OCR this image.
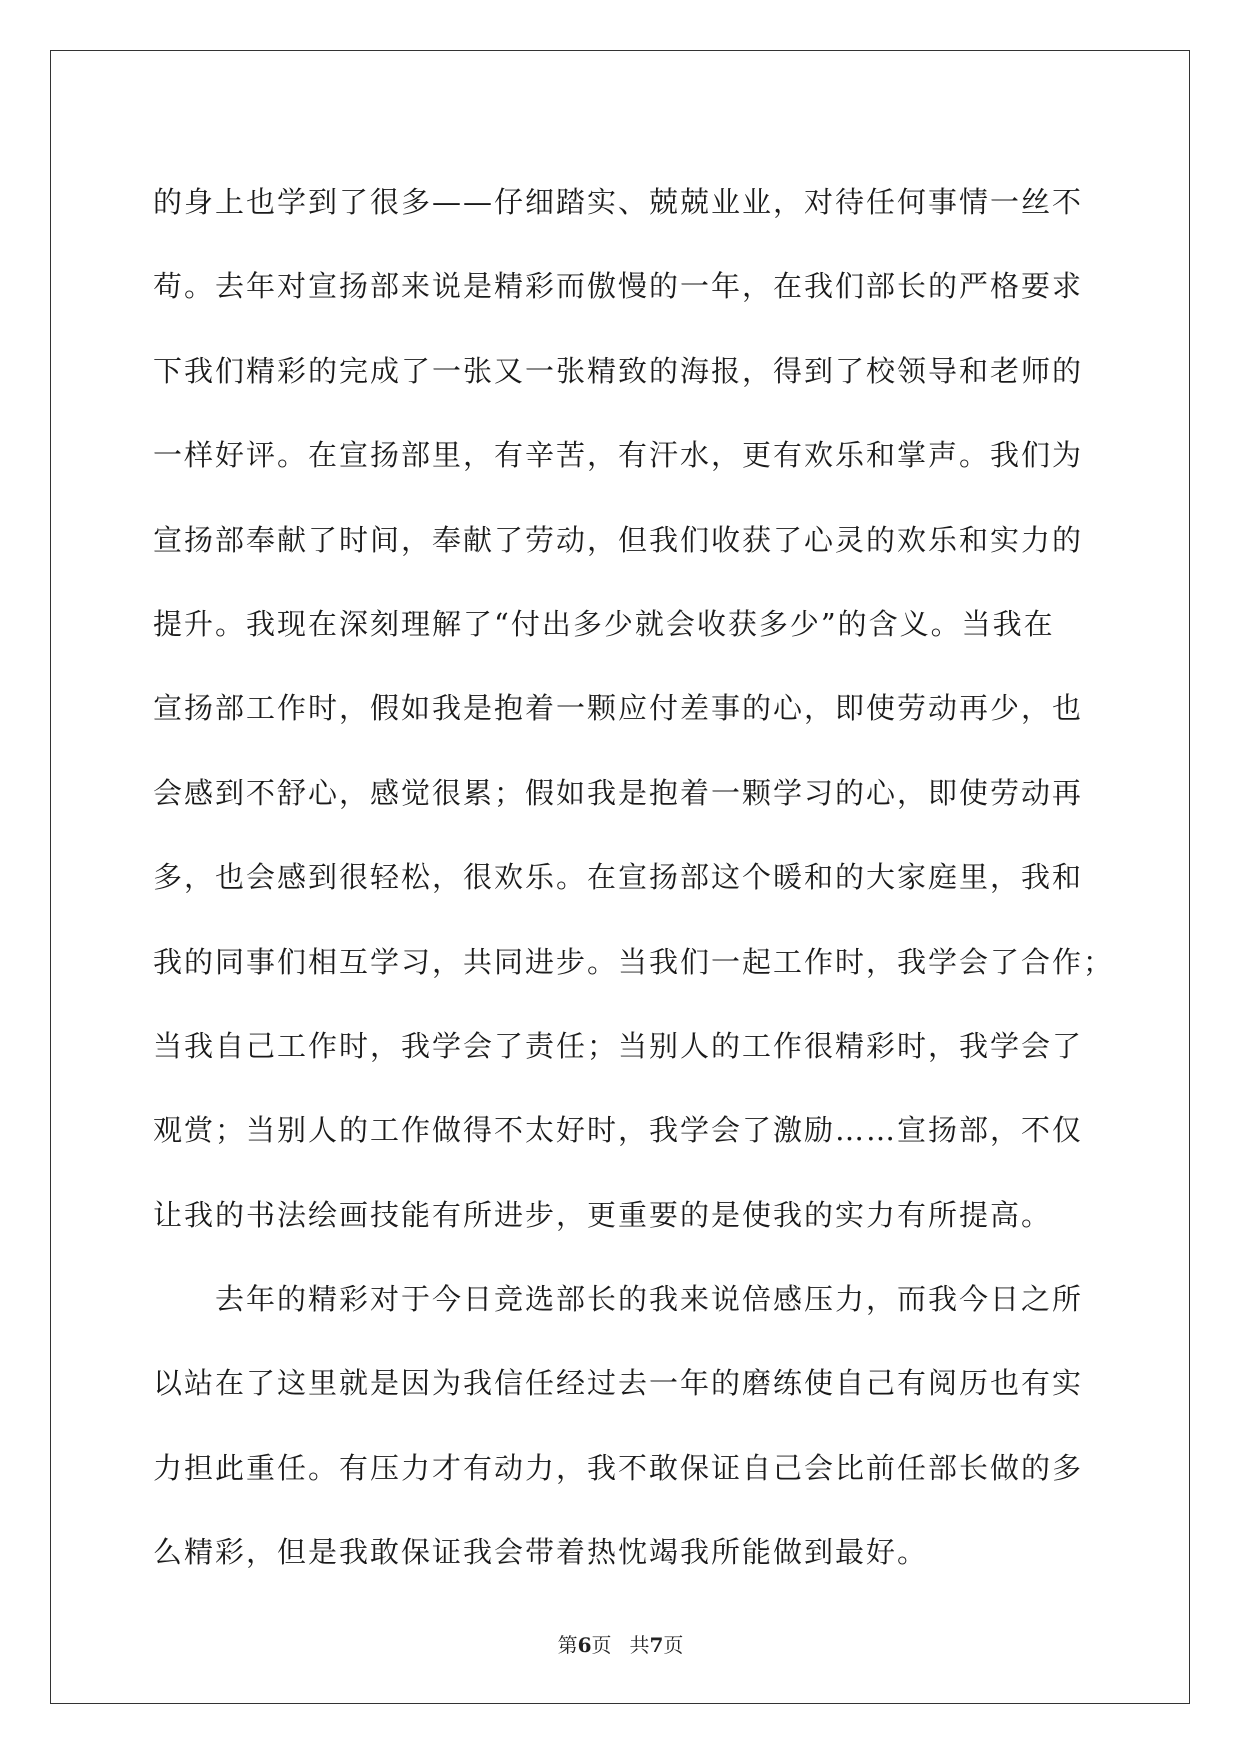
的身上也学到了很多——仔细踏实、兢兢业业，对待任何事情一丝不
苟。去年对宣扬部来说是精彩而傲慢的一年，在我们部长的严格要求
下我们精彩的完成了一张又一张精致的海报，得到了校领导和老师的
一样好评。在宣扬部里，有辛苦，有汗水，更有欢乐和掌声。我们为
宣扬部奉献了时间，奉献了劳动，但我们收获了心灵的欢乐和实力的
提升。我现在深刻理解了“付出多少就会收获多少”的含义。当我在
宣扬部工作时，假如我是抱着一颗应付差事的心，即使劳动再少，也
会感到不舒心，感觉很累；假如我是抱着一颗学习的心，即使劳动再
多，也会感到很轻松，很欢乐。在宣扬部这个暖和的大家庭里，我和
我的同事们相互学习，共同进步。当我们一起工作时，我学会了合作；
当我自己工作时，我学会了责任；当别人的工作很精彩时，我学会了
观赏；当别人的工作做得不太好时，我学会了激励……宣扬部，不仅
让我的书法绘画技能有所进步，更重要的是使我的实力有所提高。
去年的精彩对于今日竞选部长的我来说倍感压力，而我今日之所
以站在了这里就是因为我信任经过去一年的磨练使自己有阅历也有实
力担此重任。有压力才有动力，我不敢保证自己会比前任部长做的多
么精彩，但是我敢保证我会带着热忱竭我所能做到最好。
第6页 共7页
